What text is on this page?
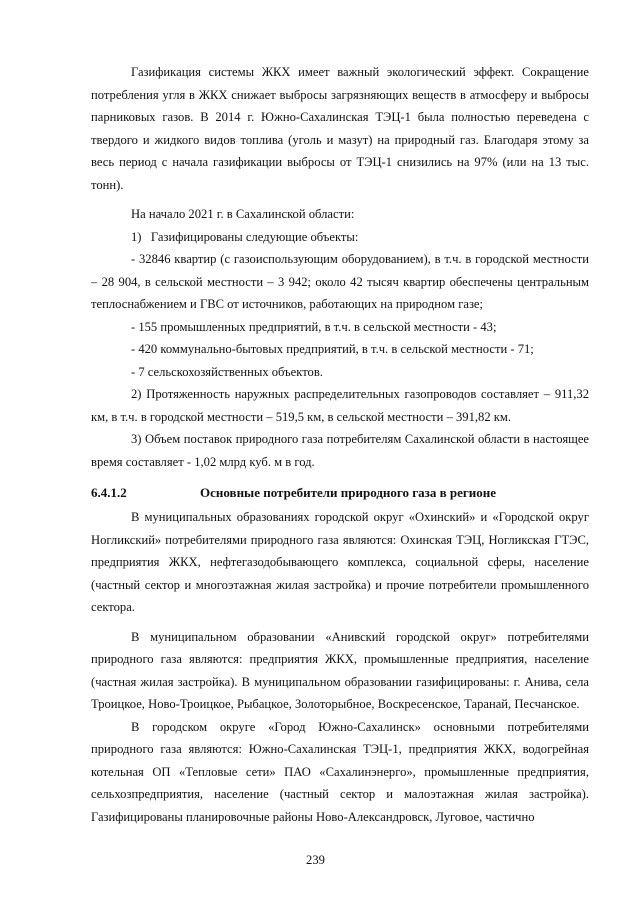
Газификация системы ЖКХ имеет важный экологический эффект. Сокращение потребления угля в ЖКХ снижает выбросы загрязняющих веществ в атмосферу и выбросы парниковых газов. В 2014 г. Южно-Сахалинская ТЭЦ-1 была полностью переведена с твердого и жидкого видов топлива (уголь и мазут) на природный газ. Благодаря этому за весь период с начала газификации выбросы от ТЭЦ-1 снизились на 97% (или на 13 тыс. тонн).

На начало 2021 г. в Сахалинской области:

1)   Газифицированы следующие объекты:

- 32846 квартир (с газоиспользующим оборудованием), в т.ч. в городской местности – 28 904, в сельской местности – 3 942; около 42 тысяч квартир обеспечены центральным теплоснабжением и ГВС от источников, работающих на природном газе;

- 155 промышленных предприятий, в т.ч. в сельской местности - 43;

- 420 коммунально-бытовых предприятий, в т.ч. в сельской местности - 71;

- 7 сельскохозяйственных объектов.

2) Протяженность наружных распределительных газопроводов составляет – 911,32 км, в т.ч. в городской местности – 519,5 км, в сельской местности – 391,82 км.

3) Объем поставок природного газа потребителям Сахалинской области в настоящее время составляет - 1,02 млрд куб. м в год.

6.4.1.2	Основные потребители природного газа в регионе

В муниципальных образованиях городской округ «Охинский» и «Городской округ Ногликский» потребителями природного газа являются: Охинская ТЭЦ, Ногликская ГТЭС, предприятия ЖКХ, нефтегазодобывающего комплекса, социальной сферы, население (частный сектор и многоэтажная жилая застройка) и прочие потребители промышленного сектора.

В муниципальном образовании «Анивский городской округ» потребителями природного газа являются: предприятия ЖКХ, промышленные предприятия, население (частная жилая застройка). В муниципальном образовании газифицированы: г. Анива, села Троицкое, Ново-Троицкое, Рыбацкое, Золоторыбное, Воскресенское, Таранай, Песчанское.

В городском округе «Город Южно-Сахалинск» основными потребителями природного газа являются: Южно-Сахалинская ТЭЦ-1, предприятия ЖКХ, водогрейная котельная ОП «Тепловые сети» ПАО «Сахалинэнерго», промышленные предприятия, сельхозпредприятия, население (частный сектор и малоэтажная жилая застройка). Газифицированы планировочные районы Ново-Александровск, Луговое, частично

239
